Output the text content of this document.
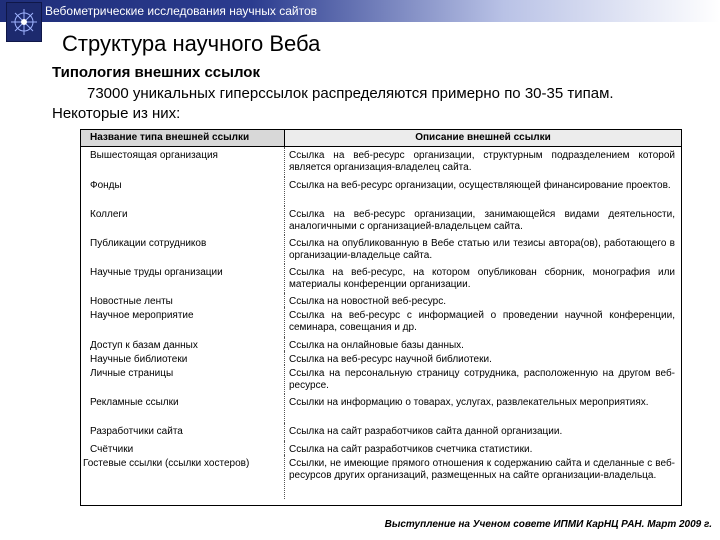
Вебометрические исследования научных сайтов
Структура научного Веба
Типология внешних ссылок
73000 уникальных гиперссылок распределяются примерно по 30-35 типам. Некоторые из них:
Название типа внешней ссылки	Описание внешней ссылки
Вышестоящая организация	Ссылка на веб-ресурс организации, структурным подразделением которой является организация-владелец сайта.
Фонды	Ссылка на веб-ресурс организации, осуществляющей финансирование проектов.
Коллеги	Ссылка на веб-ресурс организации, занимающейся видами деятельности, аналогичными с организацией-владельцем сайта.
Публикации сотрудников	Ссылка на опубликованную в Вебе статью или тезисы автора(ов), работающего в организации-владельце сайта.
Научные труды организации	Ссылка на веб-ресурс, на котором опубликован сборник, монография или материалы конференции организации.
Новостные ленты	Ссылка на новостной веб-ресурс.
Научное мероприятие	Ссылка на веб-ресурс с информацией о проведении научной конференции, семинара, совещания и др.
Доступ к базам данных	Ссылка на онлайновые базы данных.
Научные библиотеки	Ссылка на веб-ресурс научной библиотеки.
Личные страницы	Ссылка на персональную страницу сотрудника, расположенную на другом веб-ресурсе.
Рекламные ссылки	Ссылки на информацию о товарах, услугах, развлекательных мероприятиях.
Разработчики сайта	Ссылка на сайт разработчиков сайта данной организации.
Счётчики	Ссылка на сайт разработчиков счетчика статистики.
Гостевые ссылки (ссылки хостеров)	Ссылки, не имеющие прямого отношения к содержанию сайта и сделанные с веб-ресурсов других организаций, размещенных на сайте организации-владельца.
Выступление на Ученом совете ИПМИ КарНЦ РАН. Март 2009 г.
